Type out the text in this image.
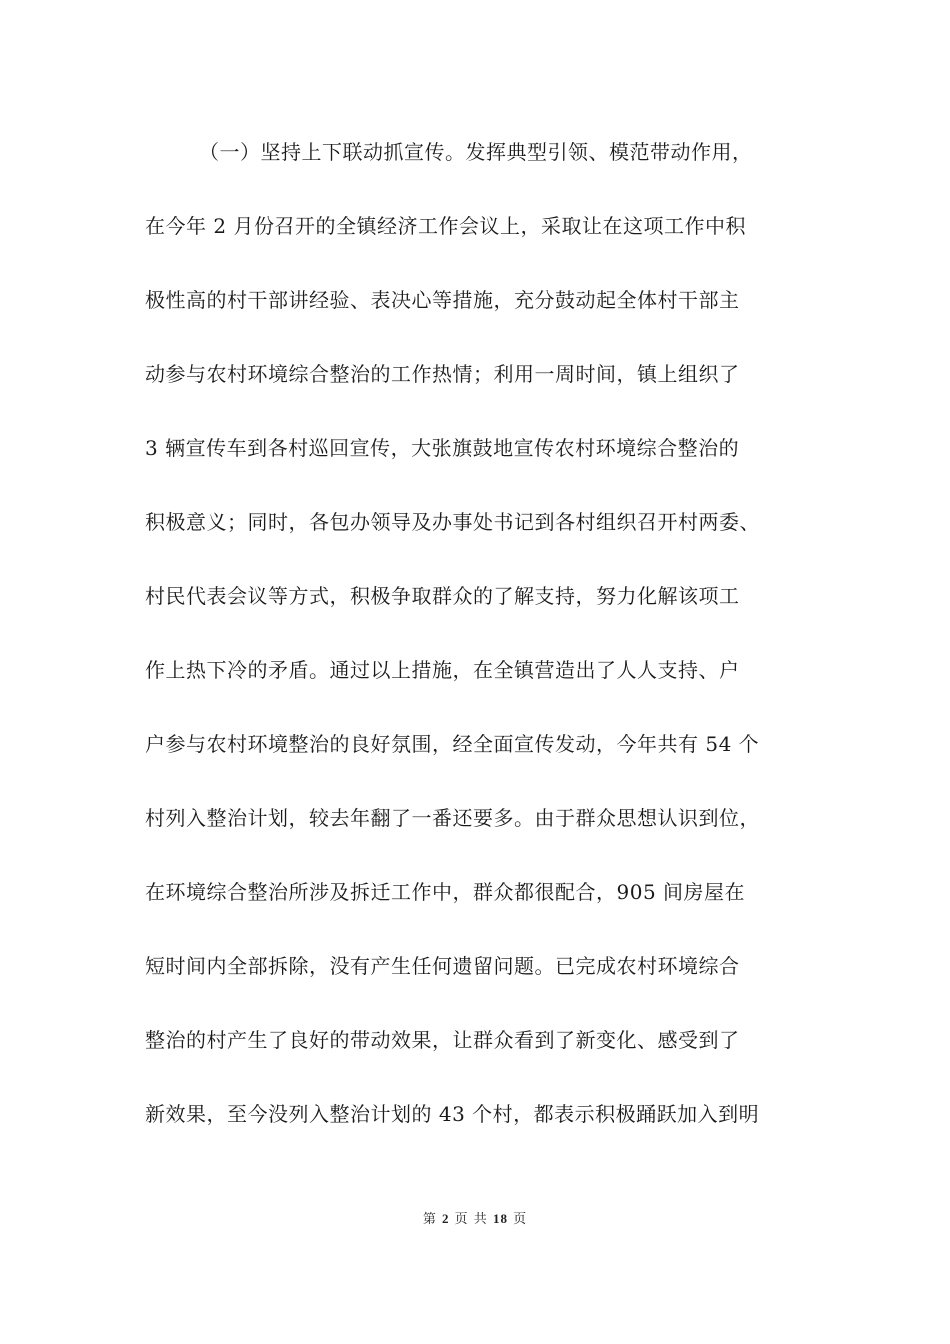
（一）坚持上下联动抓宣传。发挥典型引领、模范带动作用，
在今年 2 月份召开的全镇经济工作会议上，采取让在这项工作中积
极性高的村干部讲经验、表决心等措施，充分鼓动起全体村干部主
动参与农村环境综合整治的工作热情；利用一周时间，镇上组织了
3 辆宣传车到各村巡回宣传，大张旗鼓地宣传农村环境综合整治的
积极意义；同时，各包办领导及办事处书记到各村组织召开村两委、
村民代表会议等方式，积极争取群众的了解支持，努力化解该项工
作上热下冷的矛盾。通过以上措施，在全镇营造出了人人支持、户
户参与农村环境整治的良好氛围，经全面宣传发动，今年共有 54 个
村列入整治计划，较去年翻了一番还要多。由于群众思想认识到位，
在环境综合整治所涉及拆迁工作中，群众都很配合，905 间房屋在
短时间内全部拆除，没有产生任何遗留问题。已完成农村环境综合
整治的村产生了良好的带动效果，让群众看到了新变化、感受到了
新效果，至今没列入整治计划的 43 个村，都表示积极踊跃加入到明
第 2 页 共 18 页
